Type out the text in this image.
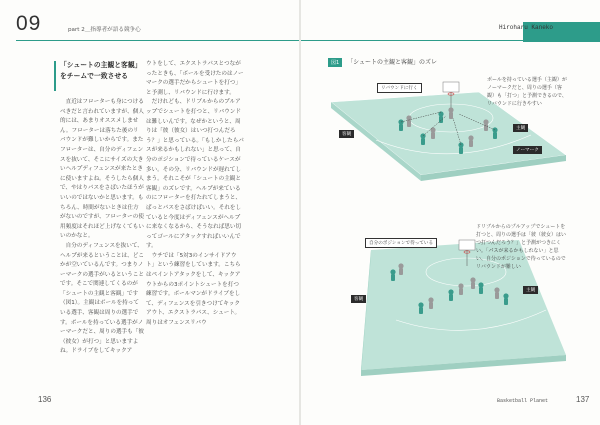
09	part 2＿指導者が語る競争心
「シュートの主観と客観」をチームで一致させる

　直近はフローターも身につけるべきだと言われていますが、個人的には、あまりオススメしません。フローターは落ちた後のリバウンドが難しいからです。またフローターは、自分のディフェンスを抜いて、そこにサイズの大きいヘルプディフェンスが来たときに使いますよね。そうしたら個人で、やはりパスをさばいたほうがいいのではないかと思います。もちろん、時間がないときは仕方がないのですが、フローターの使用頻度はそれほど上げなくてもいいのかなと。

　自分のディフェンスを抜いて、ヘルプが来るということは、どこかが空いているんです。つまりノーマークの選手がいるということです。そこで関連してくるのが「シュートの主観と客観」です（図1）。主観はボールを持っている選手、客観は周りの選手です。ボールを持っている選手がノーマークだと、周りの選手も「彼（彼女）が打つ」と思いますよね。ドライブをしてキックア

ウトをして、エクストラパスとつながったときも、「ボールを受けたのはノーマークの選手だからシュートを打つ」と予測し、リバウンドに行けます。

　だけれども、ドリブルからのプルアップでシュートを打つと、リバウンドは難しいんです。なぜかというと、周りは「彼（彼女）はいつ打つんだろう？」と思っている。「もしかしたらパスが来るかもしれない」と思って、自分のポジションで待っているケースが多い。その分、リバウンドが遅れてしまう。それこそが「シュートの主観と客観」のズレです。ヘルプが来ているのにフローターを打たれてしまうと、ぱっとパスをさばけばいい。それをしていると今度はディフェンスがヘルプに来なくなるから、そうなれば思い切ってゴールにアタックすればいいんです。

　ウチでは「5対3のインサイドアウト」という練習をしています。こちらはペイントアタックをして、キックアウトからの3ポイントシュートを打つ練習です。ボールマンがドライブをして、ディフェンスを引きつけてキックアウト、エクストラパス、シュート。周りはオフェンスリバウ

136
Hiroharu Kaneko
図1 「シュートの主観と客観」のズレ
リバウンドに行く
客観
主観
ノーマーク
自分のポジションで待っている
客観
主観
ボールを持っている選手（主観）がノーマークだと、周りの選手（客観）も「打つ」と予測できるので、リバウンドに行きやすい
ドリブルからのプルアップでシュートを打つと、周りの選手は「彼（彼女）はいつ打つんだろう？」と予測がつきにくい。「パスが来るかもしれない」と思い、自分のポジションで待っているのでリバウンドが難しい
Basketball Planet	137
